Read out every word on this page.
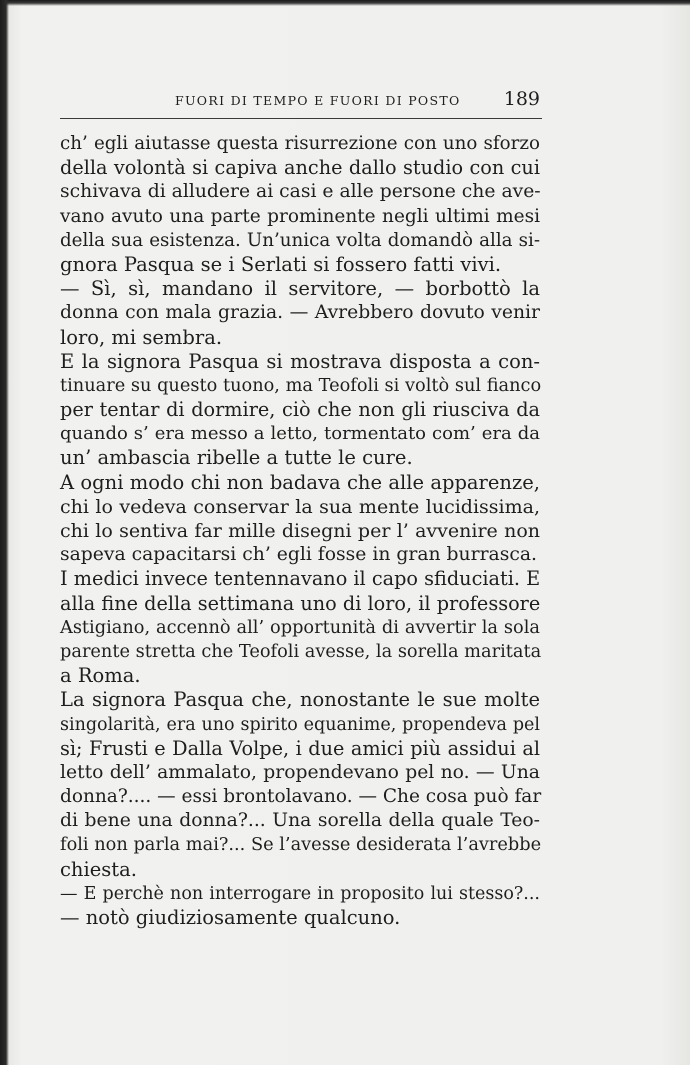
FUORI DI TEMPO E FUORI DI POSTO 189
ch’ egli aiutasse questa risurrezione con uno sforzo
della volontà si capiva anche dallo studio con cui
schivava di alludere ai casi e alle persone che ave-
vano avuto una parte prominente negli ultimi mesi
della sua esistenza. Un’unica volta domandò alla si-
gnora Pasqua se i Serlati si fossero fatti vivi.
— Sì, sì, mandano il servitore, — borbottò la
donna con mala grazia. — Avrebbero dovuto venir
loro, mi sembra.
E la signora Pasqua si mostrava disposta a con-
tinuare su questo tuono, ma Teofoli si voltò sul fianco
per tentar di dormire, ciò che non gli riusciva da
quando s’ era messo a letto, tormentato com’ era da
un’ ambascia ribelle a tutte le cure.
A ogni modo chi non badava che alle apparenze,
chi lo vedeva conservar la sua mente lucidissima,
chi lo sentiva far mille disegni per l’ avvenire non
sapeva capacitarsi ch’ egli fosse in gran burrasca.
I medici invece tentennavano il capo sfiduciati. E
alla fine della settimana uno di loro, il professore
Astigiano, accennò all’ opportunità di avvertir la sola
parente stretta che Teofoli avesse, la sorella maritata
a Roma.
La signora Pasqua che, nonostante le sue molte
singolarità, era uno spirito equanime, propendeva pel
sì; Frusti e Dalla Volpe, i due amici più assidui al
letto dell’ ammalato, propendevano pel no. — Una
donna?.... — essi brontolavano. — Che cosa può far
di bene una donna?... Una sorella della quale Teo-
foli non parla mai?... Se l’avesse desiderata l’avrebbe
chiesta.
— E perchè non interrogare in proposito lui stesso?...
— notò giudiziosamente qualcuno.
